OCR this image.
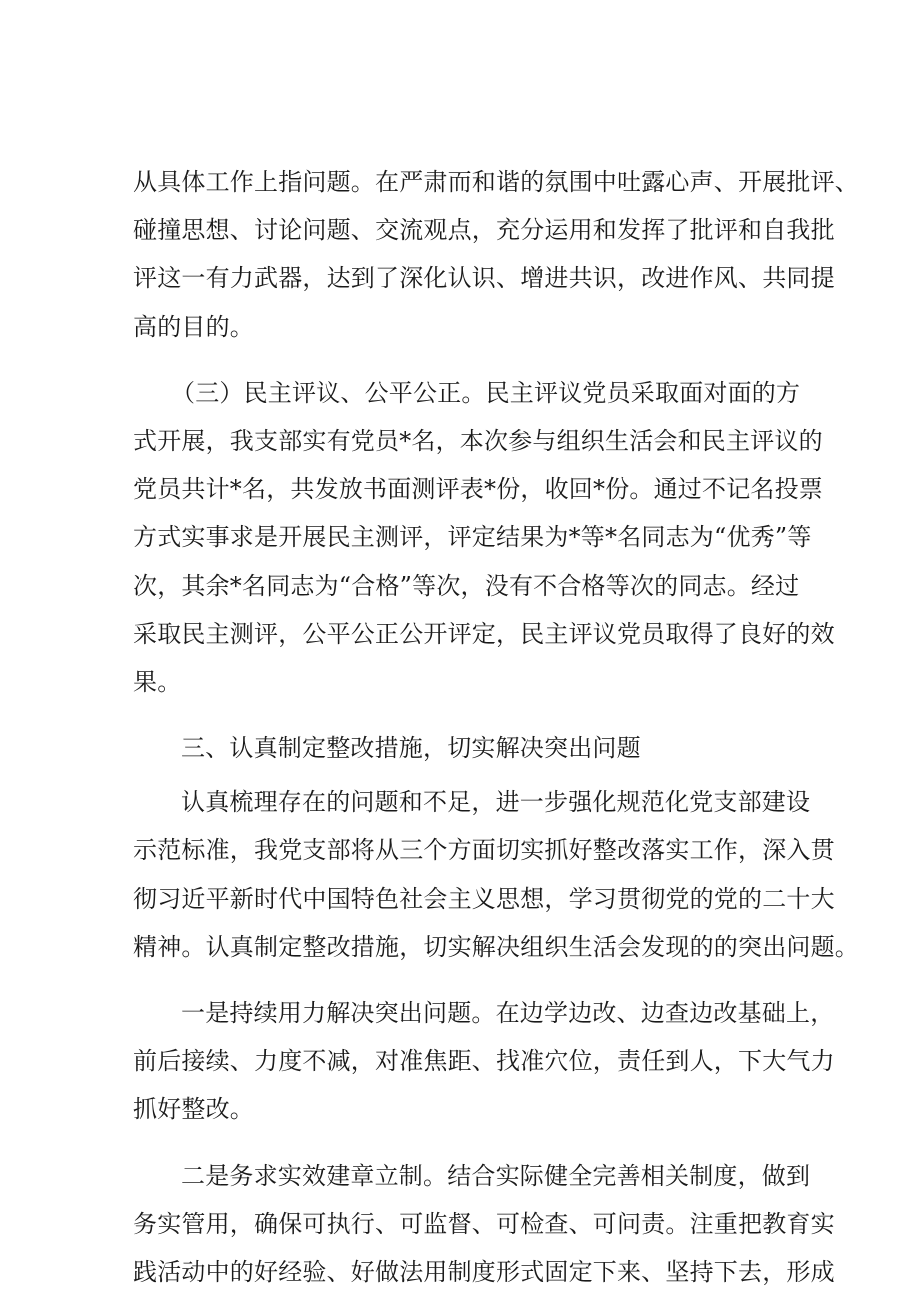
从具体工作上指问题。在严肃而和谐的氛围中吐露心声、开展批评、
碰撞思想、讨论问题、交流观点，充分运用和发挥了批评和自我批
评这一有力武器，达到了深化认识、增进共识，改进作风、共同提
高的目的。
（三）民主评议、公平公正。民主评议党员采取面对面的方
式开展，我支部实有党员*名，本次参与组织生活会和民主评议的
党员共计*名，共发放书面测评表*份，收回*份。通过不记名投票
方式实事求是开展民主测评，评定结果为*等*名同志为“优秀”等
次，其余*名同志为“合格”等次，没有不合格等次的同志。经过
采取民主测评，公平公正公开评定，民主评议党员取得了良好的效
果。
三、认真制定整改措施，切实解决突出问题
认真梳理存在的问题和不足，进一步强化规范化党支部建设
示范标准，我党支部将从三个方面切实抓好整改落实工作，深入贯
彻习近平新时代中国特色社会主义思想，学习贯彻党的党的二十大
精神。认真制定整改措施，切实解决组织生活会发现的的突出问题。
一是持续用力解决突出问题。在边学边改、边查边改基础上，
前后接续、力度不减，对准焦距、找准穴位，责任到人，下大气力
抓好整改。
二是务求实效建章立制。结合实际健全完善相关制度，做到
务实管用，确保可执行、可监督、可检查、可问责。注重把教育实
践活动中的好经验、好做法用制度形式固定下来、坚持下去，形成
